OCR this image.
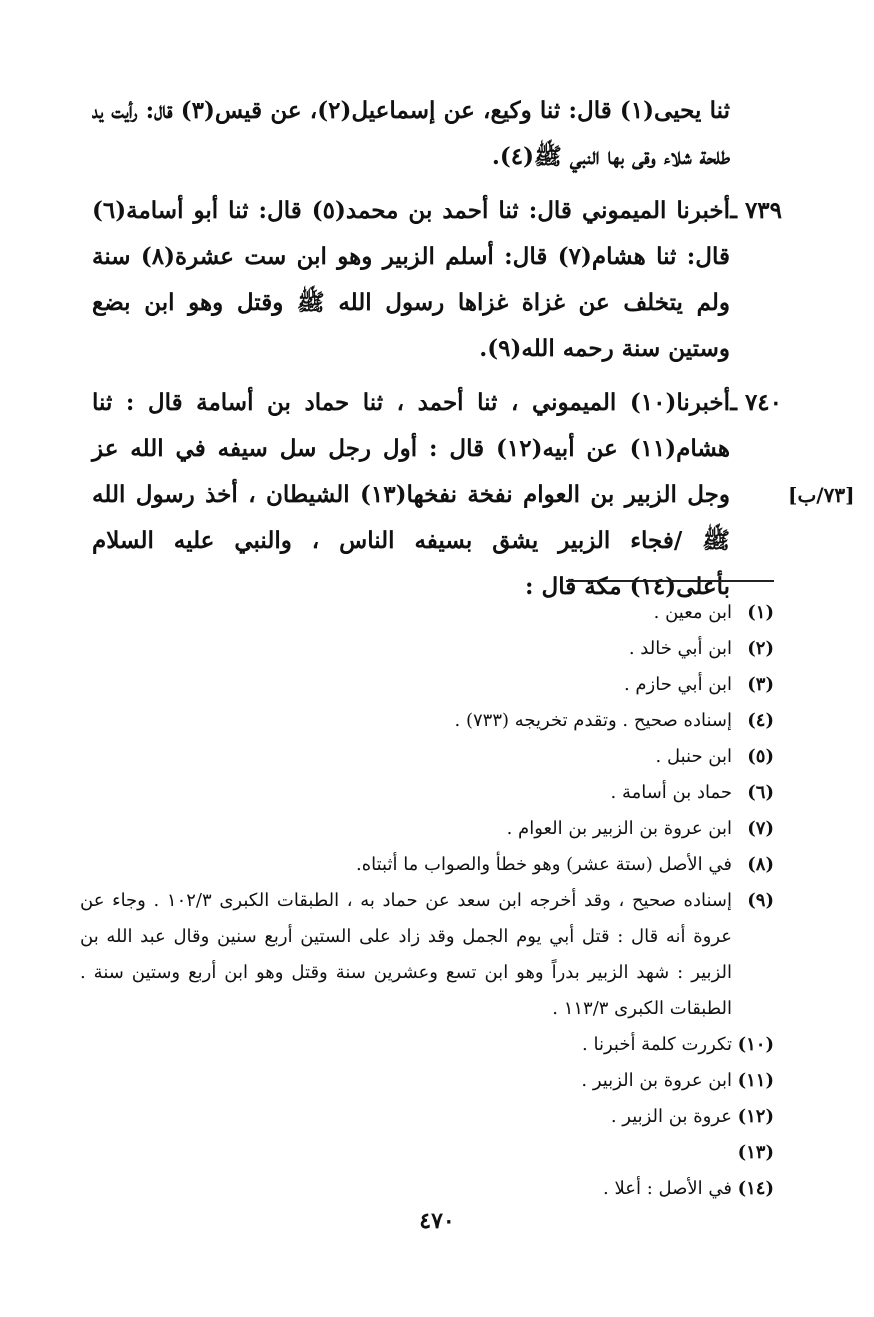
ثنا يحيى(١) قال: ثنا وكيع، عن إسماعيل(٢)، عن قيس(٣) قال: رأيت يد طلحة شلاء وقى بها النبي ﷺ(٤).

٧٣٩ ـأخبرنا الميموني قال: ثنا أحمد بن محمد(٥) قال: ثنا أبو أسامة(٦) قال: ثنا هشام(٧) قال: أسلم الزبير وهو ابن ست عشرة(٨) سنة ولم يتخلف عن غزاة غزاها رسول الله ﷺ وقتل وهو ابن بضع وستين سنة رحمه الله(٩).

٧٤٠ ـأخبرنا(١٠) الميموني ، ثنا أحمد ، ثنا حماد بن أسامة قال : ثنا هشام(١١) عن أبيه(١٢) قال : أول رجل سل سيفه في الله عز وجل الزبير بن العوام نفخة نفخها(١٣) الشيطان ، أخذ رسول الله ﷺ /فجاء الزبير يشق بسيفه الناس ، والنبي عليه السلام بأعلى(١٤) مكة قال :

[٧٣/ب]

(١)ابن معين .

(٢)ابن أبي خالد .

(٣)ابن أبي حازم .

(٤)إسناده صحيح . وتقدم تخريجه (٧٣٣) .

(٥)ابن حنبل .

(٦)حماد بن أسامة .

(٧)ابن عروة بن الزبير بن العوام .

(٨)في الأصل (ستة عشر) وهو خطأ والصواب ما أثبتاه.

(٩)إسناده صحيح ، وقد أخرجه ابن سعد عن حماد به ، الطبقات الكبرى ١٠٢/٣ . وجاء عن عروة أنه قال : قتل أبي يوم الجمل وقد زاد على الستين أربع سنين وقال عبد الله بن الزبير : شهد الزبير بدراً وهو ابن تسع وعشرين سنة وقتل وهو ابن أربع وستين سنة . الطبقات الكبرى ١١٣/٣ .

(١٠)تكررت كلمة أخبرنا .

(١١)ابن عروة بن الزبير .

(١٢)عروة بن الزبير .

(١٣)

(١٤)في الأصل : أعلا .

٤٧٠
